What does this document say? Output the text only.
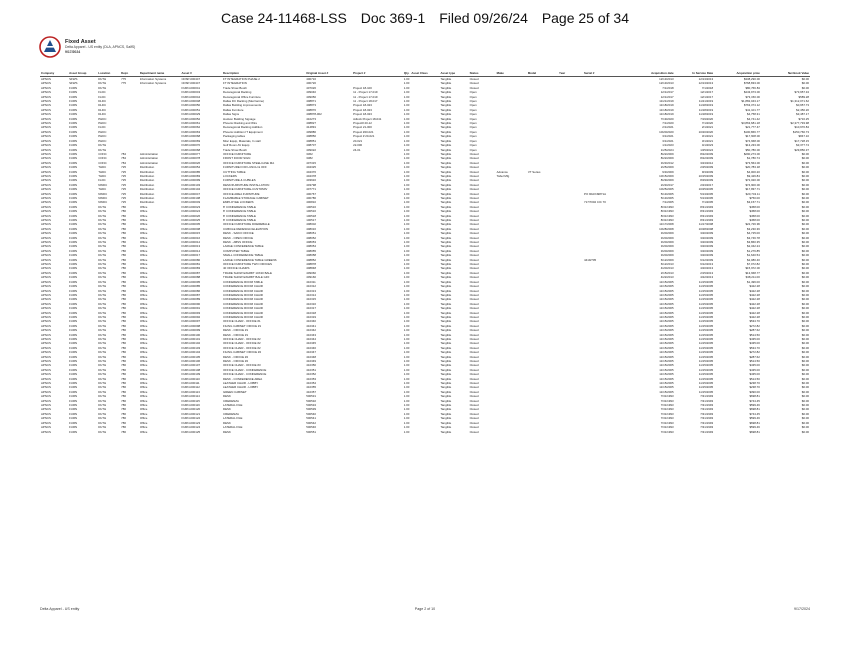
Case 24-11468-LSS Doc 369-1 Filed 09/26/24 Page 25 of 34
Fixed Asset
Delta Apparel - US entity (DLA, APNCS, SalfS)
9/17/2024
Company	Asset Group	Location	Dept.	Department name	Asset #	Description	Original Asset #	Project #	Qty.	Asset Class	Asset type	Status	Make	Model	Year	Serial #	Acquisition date	In Service Date	Acquisition price	Net Book Value
APNCS	SFWS	DUTH	775	Information Systems	CDSP-000447	FT INTEGRATION PHASE 2	400716		1.00		Tangible	Closed					12/13/2013	12/13/2013	$338,290.00	$0.00
APNCS	SFWS	DUTH	775	Information Systems	CDSP-000447	FT INTEGRATION	400720		1.00		Tangible	Closed					12/13/2013	12/13/2013	$768,833.00	$0.00
APNCS	FURN	DUTH			FURN-000041	Trade Show Booth	407026	Project 18-100	1.00		Tangible	Closed					7/1/2018	7/1/2018	$80,766.84	$0.00
APNCS	FURN	FLDC			FURN-000043	Decaregional Racking	409040	11 - Project 17-019	1.00		Tangible	Open					12/1/2017	12/1/2017	$443,973.00	$73,957.34
APNCS	FURN	FLDC			FURN-000044	Decaregional Office Furniture	409050	11 - Project 17-019	1.00		Tangible	Open					12/1/2017	12/1/2017	$73,150.00	$589.28
APNCS	FURN	DLDC			FURN-000048	Dallas DC Racking (Mezzanine)	408871	11 - Project 18-017	1.00		Tangible	Open					11/21/2019	11/21/2019	$1,882,043.17	$1,312,071.62
APNCS	FURN	DLDC			FURN-000050	Dallas Building improvements	408873	Project 18-023	1.00		Tangible	Open					11/18/2019	11/18/2019	$763,374.12	$0,957.73
APNCS	FURN	DLDC			FURN-000051	Dallas Furniture	408876	Project 18-023	1.00		Tangible	Open					11/18/2019	11/18/2019	$41,101.77	$2,450.20
APNCS	FURN	DLDC			FURN-000029	Dallas Signs	408878-002	Project 18-023	1.00		Tangible	Open					11/18/2019	11/18/2019	$4,758.31	$3,487.17
APNCS	FURN	PHDC			FURN-000052	Hudson Building Signage	410273	Adlock Project 18-041	1.00		Tangible	Open					7/19/2020	7/19/2020	$4,741.42	$716.25
APNCS	FURN	PHDC			FURN-000061	Phoenix Racking and Wire	408827	Project# 20-12	1.00		Tangible	Open					7/1/2020	7/1/2020	$3,863,681.18	$2,377,793.98
APNCS	FURN	FLDC			FURN-000062	Decaregional Racking Addition	414891	Project 21-000	1.00		Tangible	Open					2/1/2021	2/1/2021	$21,777.47	$10,970.84
APNCS	FURN	PHDC			FURN-000063	Phoenix Addition IT Equipment	409886	Project #20-021	1.00		Tangible	Open					10/20/2020	10/20/2020	$100,866.77	$150,766.73
APNCS	FURN	PHDC			FURN-000068	Packaging tables	408850	Project # 20-021	1.00		Tangible	Open					3/1/2021	3/1/2021	$17,608.00	$847.10
APNCS	FURN	PHDC			FURN-000069	Misc Equip, Materials, In stall	408851	20-021	1.00		Tangible	Open					3/1/2021	3/1/2021	$74,668.00	$17,728.15
APNCS	FURN	DUTH			FURN-000070	Golf Room AV Equip	408707	22-000	1.00		Tangible	Open					1/1/2023	4/1/2023	$13,233.00	$3,377.74
APNCS	FURN	DUTH			FURN-000068	Trade Show Booth	409022	24-01	1.00		Tangible	Open					1/25/2024	1/25/2024	$50,780.00	$29,850.37
APNCS	FURN	CONC	784	Administration	FURN-000077	OFFICE FURNITURE	3362		1.00		Tangible	Closed					8/22/2009	8/22/2009	$290,273.00	$0.00
APNCS	FURN	CONC	784	Administration	FURN-000078	FRONT DOOR SIGN	3382		1.00		Tangible	Closed					8/22/2009	8/22/2009	$1,780.74	$0.00
APNCS	FURN	CONC	784	Administration	FURN-000026	OFFICE FURNITURE STEELCASE MA	407315		1.00		Tangible	Closed					3/23/2012	3/23/2012	$73,564.00	$0.00
APNCS	FURN	THDC	725	Distribution	FURN-000054	FURNITURE FOR LUNCH & OFF	404325		1.00		Tangible	Closed					2/25/2009	2/25/2009	$20,783.18	$0.00
APNCS	FURN	THDC	725	Distribution	FURN-000085	CUTTING TABLE	404376		1.00		Tangible	Closed	Advance	VT Series			9/3/2009	9/3/2009	$4,000.20	$0.00
APNCS	FURN	THDC	725	Distribution	FURN-000083	LOCKERS	404378		1.00		Tangible	Closed	Tabel Mfg				10/15/2009	10/15/2009	$9,426.84	$0.00
APNCS	FURN	FLDC	725	Distribution	FURN-000099	FURNITURE & CUBILES	403916		1.00		Tangible	Closed					8/29/2009	8/29/2009	$72,020.00	$0.00
APNCS	FURN	NWDC	725	Distribution	FURN-000103	DESK/FURNITURE INSTALLATION	403798		1.00		Tangible	Closed					2/23/2017	2/23/2017	$74,900.00	$0.00
APNCS	FURN	THDC	725	Distribution	FURN-000104	OFFICE FURNITURE-CUSTOMIV	407771		1.00		Tangible	Closed					10/25/2005	10/25/2005	$17,837.71	$0.00
APNCS	FURN	NWDC	725	Distribution	FURN-000047	OFFICE AREA FURNITURE	400767		1.00		Tangible	Closed				PO 9FAX49871A	5/13/2005	5/13/2005	$20,743.11	$0.00
APNCS	FURN	NWDC	725	Distribution	FURN-000108	FLAMMABLE STORAGE CABINET	400786		1.00		Tangible	Closed					5/13/2005	5/13/2005	$750.00	$0.00
APNCS	FURN	NWDC	725	Distribution	FURN-000049	EMPLOYEE LOCKERS	400810		1.00		Tangible	Closed				717/7002 CIC 70	7/1/2005	7/1/2005	$3,157.71	$0.00
APNCS	FURN	DUTH	786	Office	FURN-000023	8' CONFERENCE TABLE	100516		1.00		Tangible	Closed					8/31/1993	8/31/1993	$458.00	$0.00
APNCS	FURN	DUTH	786	Office	FURN-000024	8' CONFERENCE TABLE	100516		1.00		Tangible	Closed					8/31/1993	8/31/1993	$458.00	$0.00
APNCS	FURN	DUTH	786	Office	FURN-000026	8' CONFERENCE TABLE	100518		1.00		Tangible	Closed					8/31/1993	8/31/1993	$458.00	$0.00
APNCS	FURN	DUTH	786	Office	FURN-000025	8' CONFERENCE TABLE	100517		1.00		Tangible	Closed					8/31/1993	8/31/1993	$458.00	$0.00
APNCS	FURN	DUTH	786	Office	FURN-000005	OFFICE FURNITURE DOEREBALE	408002		1.00		Tangible	Closed					11/17/2008	11/17/2008	$22,726.96	$0.00
APNCS	FURN	DUTH	786	Office	FURN-000008	CUBICLE REDESIGN ELEVATION	408016		1.00		Tangible	Closed					10/28/2008	10/28/2008	$3,230.36	$0.00
APNCS	FURN	DUTH	786	Office	FURN-000015	DESK - SAIKO OFFICE	408051		1.00		Tangible	Closed					3/20/2009	3/20/2009	$4,725.00	$0.00
APNCS	FURN	DUTH	786	Office	FURN-000016	DESK - OPEN OFFICE	408052		1.00		Tangible	Closed					3/20/2009	3/20/2009	$3,746.78	$0.00
APNCS	FURN	DUTH	786	Office	FURN-000012	DESK - ABSS OFFICE	408053		1.00		Tangible	Closed					3/20/2009	3/20/2009	$3,860.35	$0.00
APNCS	FURN	DUTH	786	Office	FURN-000013	LARGE CONFERENCE TABLE	408054		1.00		Tangible	Closed					3/20/2009	3/20/2009	$2,342.24	$0.00
APNCS	FURN	DUTH	786	Office	FURN-000014	COMPUTER TABLE	408055		1.00		Tangible	Closed					3/20/2009	3/20/2009	$1,276.85	$0.00
APNCS	FURN	DUTH	786	Office	FURN-000017	SMALL CONFERENCE TABLE	408058		1.00		Tangible	Closed					3/20/2009	3/20/2009	$1,640.54	$0.00
APNCS	FURN	DUTH	786	Office	FURN-000080	LARGE CONFERENCE TABLE GREENS	408852		1.00		Tangible	Closed				4419/705	6/12/2009	6/12/2009	$2,080.40	$0.00
APNCS	FURN	DUTH	786	Office	FURN-000081	OFFICE FURNITURE TWO OFFICES	408878		1.00		Tangible	Closed					6/12/2013	6/12/2013	$7,072.82	$0.00
APNCS	FURN	DUTH	786	Office	FURN-000083	40 OFFICE CHAIRS	408848		1.00		Tangible	Closed					4/20/2013	4/20/2013	$15,972.00	$0.00
APNCS	FURN	DUTH	786	Office	FURN-000087	TRADE SHOW EXHIBIT 10X20 BALE	409060		1.00		Tangible	Closed					2/15/2013	2/15/2013	$13,668.77	$0.00
APNCS	FURN	DUTH	786	Office	FURN-000088	TRADE SHOW EXHIBIT BALE GFF	409160		1.00		Tangible	Closed					4/22/2013	4/22/2013	$38,211.00	$0.00
APNCS	FURN	DUTH	786	Office	FURN-000095	CONFERENCE ROOM TABLE	410311		1.00		Tangible	Closed					11/15/2005	11/15/2005	$1,496.00	$0.00
APNCS	FURN	DUTH	786	Office	FURN-000085	CONFERENCE ROOM CHAIR	410312		1.00		Tangible	Closed					11/15/2005	11/15/2005	$422.28	$0.00
APNCS	FURN	DUTH	786	Office	FURN-000086	CONFERENCE ROOM CHAIR	410313		1.00		Tangible	Closed					11/15/2005	11/15/2005	$422.28	$0.00
APNCS	FURN	DUTH	786	Office	FURN-000087	CONFERENCE ROOM CHAIR	410314		1.00		Tangible	Closed					11/15/2005	11/15/2005	$422.28	$0.00
APNCS	FURN	DUTH	786	Office	FURN-000089	CONFERENCE ROOM CHAIR	410315		1.00		Tangible	Closed					11/15/2005	11/15/2005	$422.28	$0.00
APNCS	FURN	DUTH	786	Office	FURN-000090	CONFERENCE ROOM CHAIR	410316		1.00		Tangible	Closed					11/15/2005	11/15/2005	$422.28	$0.00
APNCS	FURN	DUTH	786	Office	FURN-000091	CONFERENCE ROOM CHAIR	410317		1.00		Tangible	Closed					11/15/2005	11/15/2005	$422.28	$0.00
APNCS	FURN	DUTH	786	Office	FURN-000093	CONFERENCE ROOM CHAIR	410318		1.00		Tangible	Closed					11/15/2005	11/15/2005	$422.28	$0.00
APNCS	FURN	DUTH	786	Office	FURN-000092	CONFERENCE ROOM CHAIR	410319		1.00		Tangible	Closed					11/15/2005	11/15/2005	$422.28	$0.00
APNCS	FURN	DUTH	786	Office	FURN-000097	OFFICE CHAIR - OFFICE #1	410340		1.00		Tangible	Closed					11/15/2005	11/15/2005	$534.70	$0.00
APNCS	FURN	DUTH	786	Office	FURN-000098	FILING CABINET OFFICE #1	410341		1.00		Tangible	Closed					11/15/2005	11/15/2005	$272.82	$0.00
APNCS	FURN	DUTH	786	Office	FURN-000099	DESK - OFFICE #1	410342		1.00		Tangible	Closed					11/15/2005	11/15/2005	$287.62	$0.00
APNCS	FURN	DUTH	786	Office	FURN-000100	DESK - OFFICE #1	410343		1.00		Tangible	Closed					11/15/2005	11/15/2005	$514.50	$0.00
APNCS	FURN	DUTH	786	Office	FURN-000101	OFFICE CHAIR - OFFICE #2	410344		1.00		Tangible	Closed					11/15/2005	11/15/2005	$435.00	$0.00
APNCS	FURN	DUTH	786	Office	FURN-000102	OFFICE CHAIR - OFFICE #2	410345		1.00		Tangible	Closed					11/15/2005	11/15/2005	$435.00	$0.00
APNCS	FURN	DUTH	786	Office	FURN-000103	OFFICE CHAIR - OFFICE #2	410346		1.00		Tangible	Closed					11/15/2005	11/15/2005	$534.70	$0.00
APNCS	FURN	DUTH	786	Office	FURN-000104	FILING CABINET OFFICE #2	410347		1.00		Tangible	Closed					11/15/2005	11/15/2005	$272.82	$0.00
APNCS	FURN	DUTH	786	Office	FURN-000105	DESK - OFFICE #2	410348		1.00		Tangible	Closed					11/15/2005	11/15/2005	$287.62	$0.00
APNCS	FURN	DUTH	786	Office	FURN-000106	DESK - OFFICE #2	410349		1.00		Tangible	Closed					11/15/2005	11/15/2005	$514.50	$0.00
APNCS	FURN	DUTH	786	Office	FURN-000107	OFFICE CHAIR - OFFICE #3	410350		1.00		Tangible	Closed					11/15/2005	11/15/2005	$435.00	$0.00
APNCS	FURN	DUTH	786	Office	FURN-000108	OFFICE CHAIR - CONFERENCE	410351		1.00		Tangible	Closed					11/15/2005	11/15/2005	$435.00	$0.00
APNCS	FURN	DUTH	786	Office	FURN-000109	OFFICE CHAIR - CONFERENCE	410352		1.00		Tangible	Closed					11/15/2005	11/15/2005	$435.00	$0.00
APNCS	FURN	DUTH	786	Office	FURN-000110	DESK - CONFERENCE AREA	410353		1.00		Tangible	Closed					11/15/2005	11/15/2005	$514.50	$0.00
APNCS	FURN	DUTH	786	Office	FURN-000111	LEATHER CHAIR - LOBBY	410354		1.00		Tangible	Closed					11/15/2005	11/15/2005	$238.70	$0.00
APNCS	FURN	DUTH	786	Office	FURN-000112	LEATHER CHAIR - LOBBY	410355		1.00		Tangible	Closed					11/15/2005	11/15/2005	$238.70	$0.00
APNCS	FURN	DUTH	786	Office	FURN-000113	GREEN CABINET	410357		1.00		Tangible	Closed					11/15/2005	11/15/2005	$390.00	$0.00
APNCS	FURN	DUTH	786	Office	FURN-000114	DESK	500531		1.00		Tangible	Closed					7/31/1993	7/31/1993	$698.81	$0.00
APNCS	FURN	DUTH	786	Office	FURN-000115	CREDENZA	500532		1.00		Tangible	Closed					7/31/1993	7/31/1993	$744.45	$0.00
APNCS	FURN	DUTH	786	Office	FURN-000116	LATERAL FILE	500534		1.00		Tangible	Closed					7/31/1993	7/31/1993	$599.46	$0.00
APNCS	FURN	DUTH	786	Office	FURN-000120	DESK	500539		1.00		Tangible	Closed					7/31/1993	7/31/1993	$698.81	$0.00
APNCS	FURN	DUTH	786	Office	FURN-000121	CREDENZA	500540		1.00		Tangible	Closed					7/31/1993	7/31/1993	$744.45	$0.00
APNCS	FURN	DUTH	786	Office	FURN-000122	LATERAL FILE	500541		1.00		Tangible	Closed					7/31/1993	7/31/1993	$599.46	$0.00
APNCS	FURN	DUTH	786	Office	FURN-000123	DESK	500542		1.00		Tangible	Closed					7/31/1993	7/31/1993	$698.81	$0.00
APNCS	FURN	DUTH	786	Office	FURN-000124	LATERAL FILE	500546		1.00		Tangible	Closed					7/31/1993	7/31/1993	$599.46	$0.00
APNCS	FURN	DUTH	786	Office	FURN-000125	DESK	500551		1.00		Tangible	Closed					7/31/1993	7/31/1993	$698.81	$0.00
Delta Apparel - US entity	Page 2 of 10	9/17/2024
